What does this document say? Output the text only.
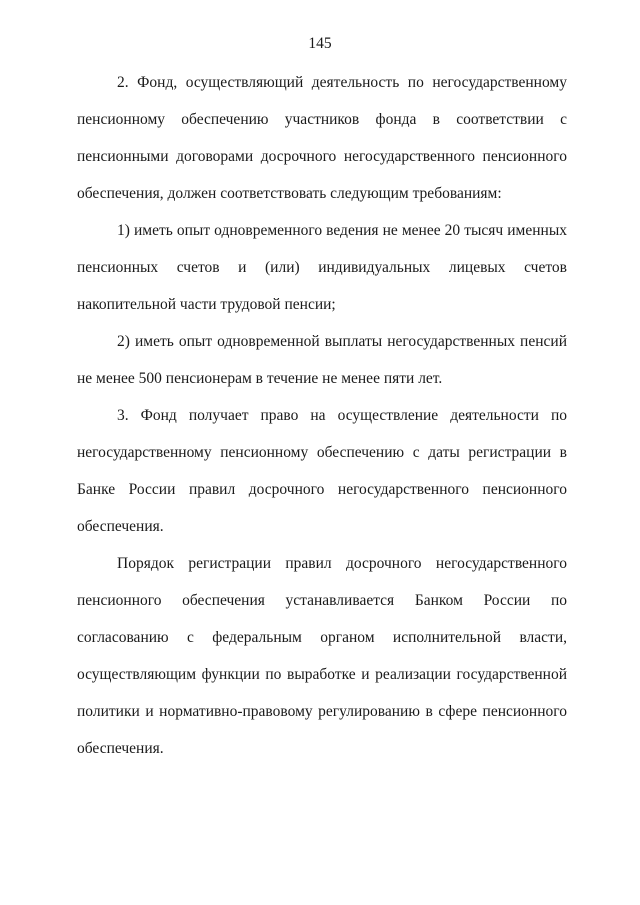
145
2. Фонд, осуществляющий деятельность по негосударственному
пенсионному обеспечению участников фонда в соответствии с
пенсионными договорами досрочного негосударственного пенсионного
обеспечения, должен соответствовать следующим требованиям:
1) иметь опыт одновременного ведения не менее 20 тысяч именных
пенсионных счетов и (или) индивидуальных лицевых счетов
накопительной части трудовой пенсии;
2) иметь опыт одновременной выплаты негосударственных пенсий
не менее 500 пенсионерам в течение не менее пяти лет.
3. Фонд получает право на осуществление деятельности по
негосударственному пенсионному обеспечению с даты регистрации в
Банке России правил досрочного негосударственного пенсионного
обеспечения.
Порядок регистрации правил досрочного негосударственного
пенсионного обеспечения устанавливается Банком России по
согласованию с федеральным органом исполнительной власти,
осуществляющим функции по выработке и реализации государственной
политики и нормативно-правовому регулированию в сфере пенсионного
обеспечения.
